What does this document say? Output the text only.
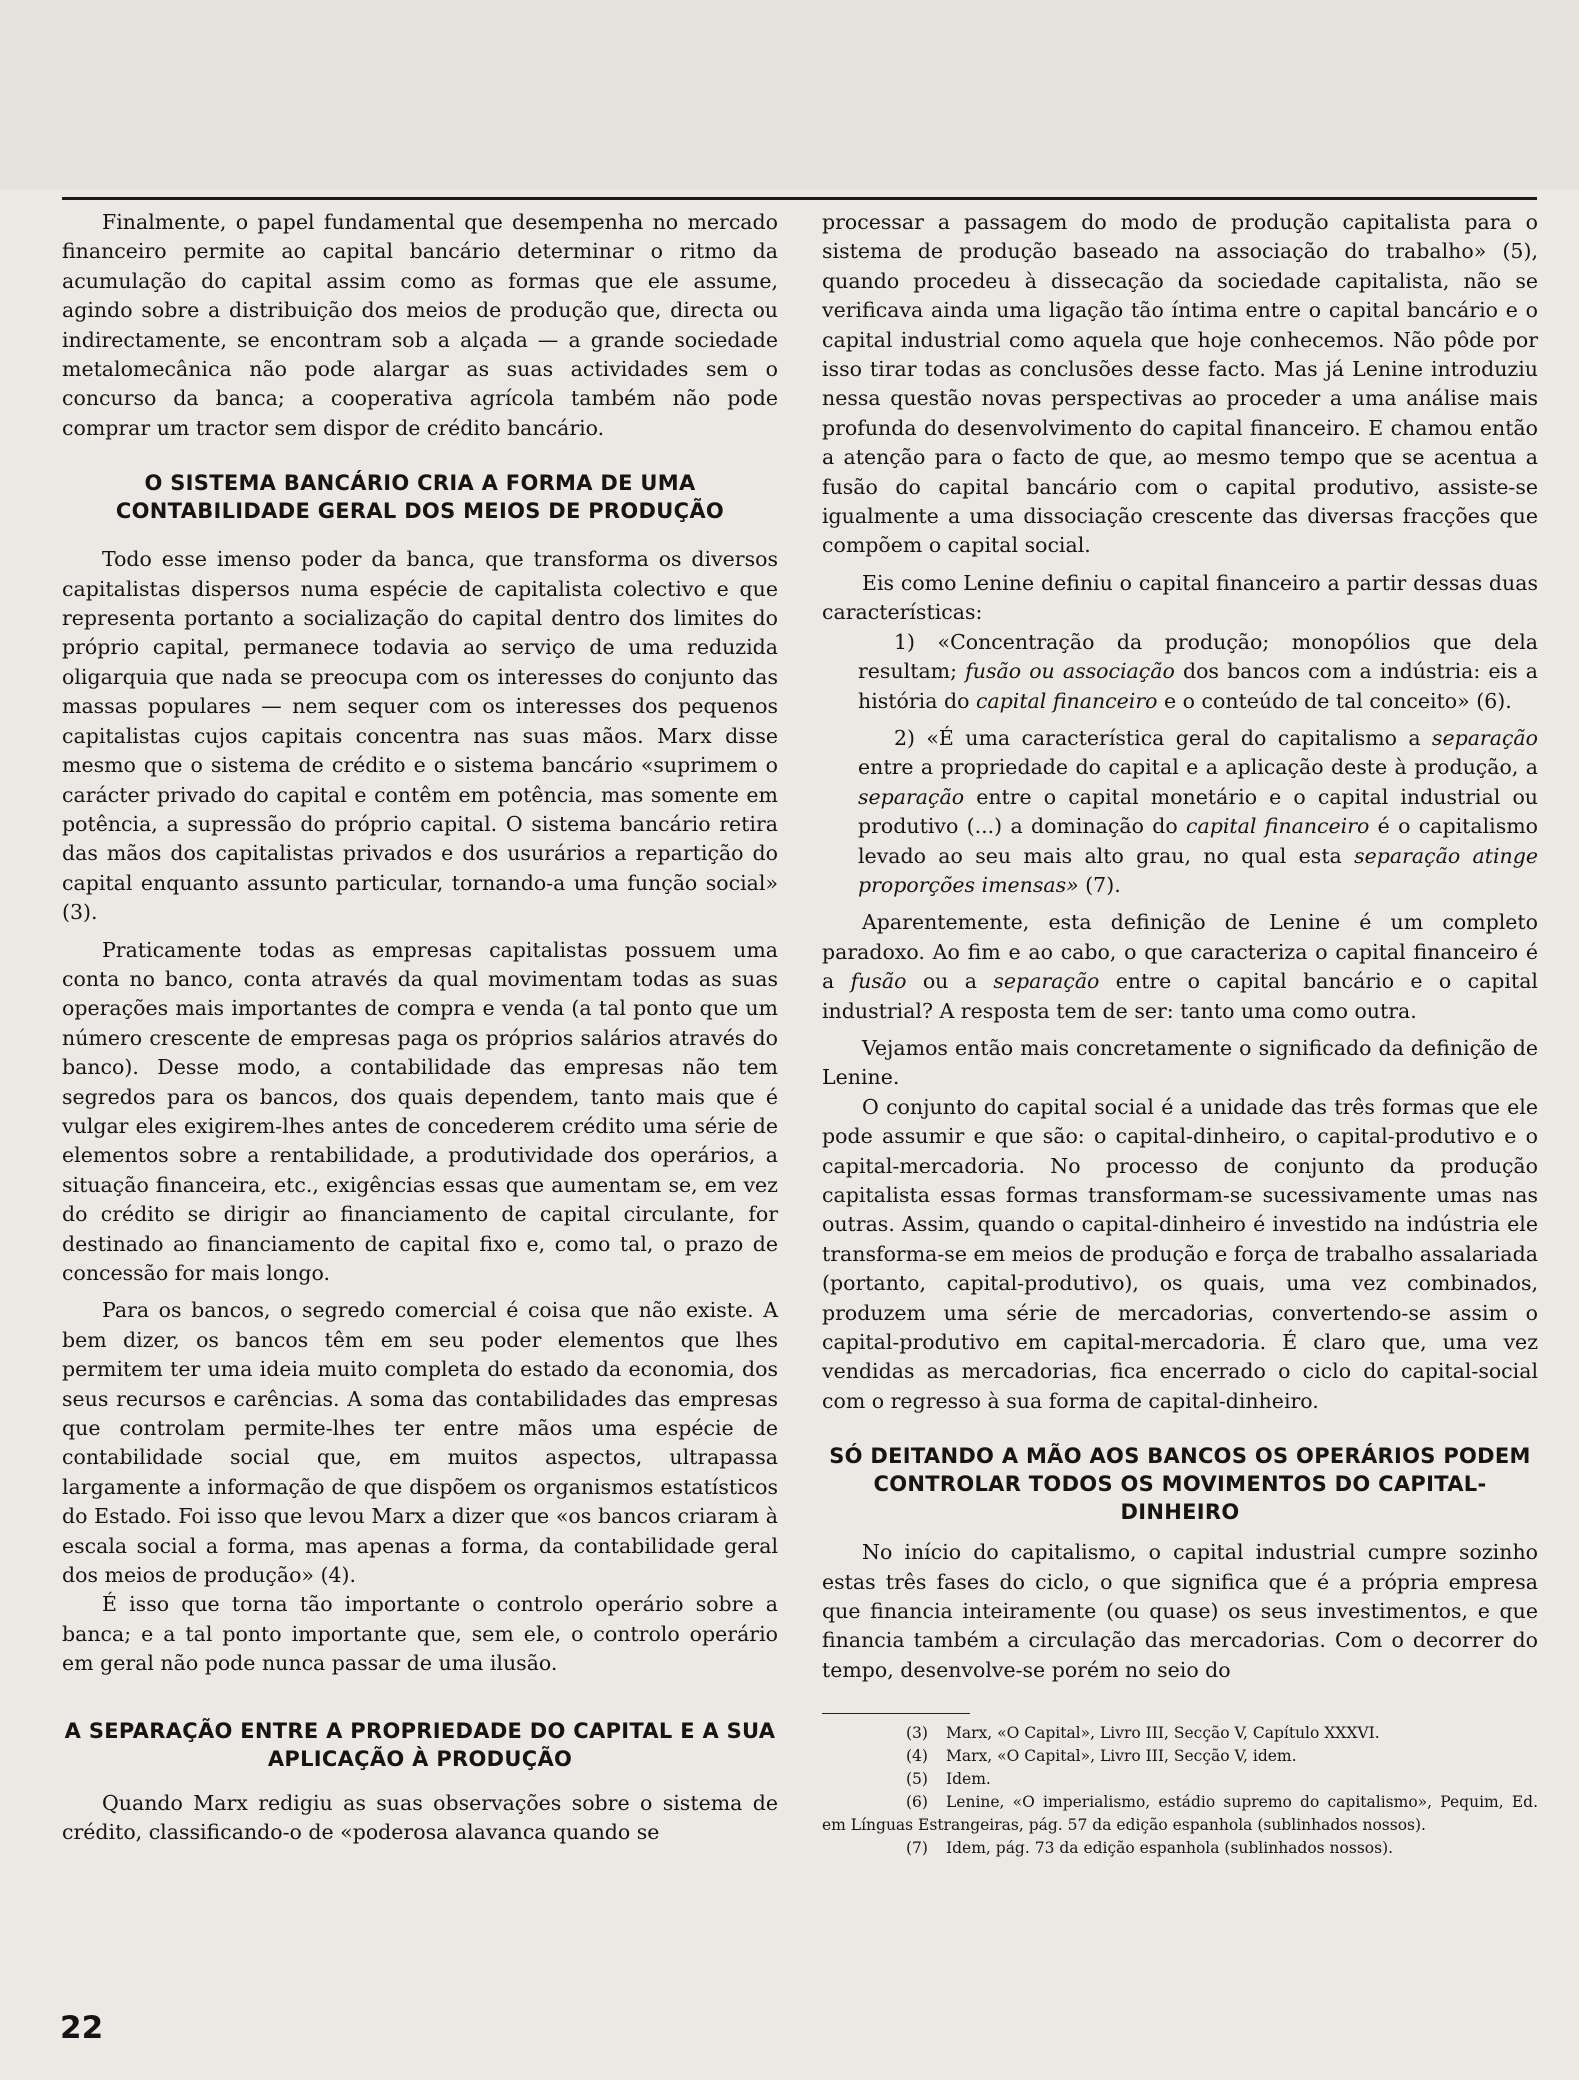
Finalmente, o papel fundamental que desempenha no mercado financeiro permite ao capital bancário determinar o ritmo da acumulação do capital assim como as formas que ele assume, agindo sobre a distribuição dos meios de produção que, directa ou indirectamente, se encontram sob a alçada — a grande sociedade metalomecânica não pode alargar as suas actividades sem o concurso da banca; a cooperativa agrícola também não pode comprar um tractor sem dispor de crédito bancário.

O SISTEMA BANCÁRIO CRIA A FORMA DE UMA CONTABILIDADE GERAL DOS MEIOS DE PRODUÇÃO

Todo esse imenso poder da banca, que transforma os diversos capitalistas dispersos numa espécie de capitalista colectivo e que representa portanto a socialização do capital dentro dos limites do próprio capital, permanece todavia ao serviço de uma reduzida oligarquia que nada se preocupa com os interesses do conjunto das massas populares — nem sequer com os interesses dos pequenos capitalistas cujos capitais concentra nas suas mãos. Marx disse mesmo que o sistema de crédito e o sistema bancário «suprimem o carácter privado do capital e contêm em potência, mas somente em potência, a supressão do próprio capital. O sistema bancário retira das mãos dos capitalistas privados e dos usurários a repartição do capital enquanto assunto particular, tornando-a uma função social» (3).

Praticamente todas as empresas capitalistas possuem uma conta no banco, conta através da qual movimentam todas as suas operações mais importantes de compra e venda (a tal ponto que um número crescente de empresas paga os próprios salários através do banco). Desse modo, a contabilidade das empresas não tem segredos para os bancos, dos quais dependem, tanto mais que é vulgar eles exigirem-lhes antes de concederem crédito uma série de elementos sobre a rentabilidade, a produtividade dos operários, a situação financeira, etc., exigências essas que aumentam se, em vez do crédito se dirigir ao financiamento de capital circulante, for destinado ao financiamento de capital fixo e, como tal, o prazo de concessão for mais longo.

Para os bancos, o segredo comercial é coisa que não existe. A bem dizer, os bancos têm em seu poder elementos que lhes permitem ter uma ideia muito completa do estado da economia, dos seus recursos e carências. A soma das contabilidades das empresas que controlam permite-lhes ter entre mãos uma espécie de contabilidade social que, em muitos aspectos, ultrapassa largamente a informação de que dispõem os organismos estatísticos do Estado. Foi isso que levou Marx a dizer que «os bancos criaram à escala social a forma, mas apenas a forma, da contabilidade geral dos meios de produção» (4).

É isso que torna tão importante o controlo operário sobre a banca; e a tal ponto importante que, sem ele, o controlo operário em geral não pode nunca passar de uma ilusão.

A SEPARAÇÃO ENTRE A PROPRIEDADE DO CAPITAL E A SUA APLICAÇÃO À PRODUÇÃO

Quando Marx redigiu as suas observações sobre o sistema de crédito, classificando-o de «poderosa alavanca quando se

processar a passagem do modo de produção capitalista para o sistema de produção baseado na associação do trabalho» (5), quando procedeu à dissecação da sociedade capitalista, não se verificava ainda uma ligação tão íntima entre o capital bancário e o capital industrial como aquela que hoje conhecemos. Não pôde por isso tirar todas as conclusões desse facto. Mas já Lenine introduziu nessa questão novas perspectivas ao proceder a uma análise mais profunda do desenvolvimento do capital financeiro. E chamou então a atenção para o facto de que, ao mesmo tempo que se acentua a fusão do capital bancário com o capital produtivo, assiste-se igualmente a uma dissociação crescente das diversas fracções que compõem o capital social.

Eis como Lenine definiu o capital financeiro a partir dessas duas características:

1) «Concentração da produção; monopólios que dela resultam; fusão ou associação dos bancos com a indústria: eis a história do capital financeiro e o conteúdo de tal conceito» (6).

2) «É uma característica geral do capitalismo a separação entre a propriedade do capital e a aplicação deste à produção, a separação entre o capital monetário e o capital industrial ou produtivo (...) a dominação do capital financeiro é o capitalismo levado ao seu mais alto grau, no qual esta separação atinge proporções imensas» (7).

Aparentemente, esta definição de Lenine é um completo paradoxo. Ao fim e ao cabo, o que caracteriza o capital financeiro é a fusão ou a separação entre o capital bancário e o capital industrial? A resposta tem de ser: tanto uma como outra.

Vejamos então mais concretamente o significado da definição de Lenine.

O conjunto do capital social é a unidade das três formas que ele pode assumir e que são: o capital-dinheiro, o capital-produtivo e o capital-mercadoria. No processo de conjunto da produção capitalista essas formas transformam-se sucessivamente umas nas outras. Assim, quando o capital-dinheiro é investido na indústria ele transforma-se em meios de produção e força de trabalho assalariada (portanto, capital-produtivo), os quais, uma vez combinados, produzem uma série de mercadorias, convertendo-se assim o capital-produtivo em capital-mercadoria. É claro que, uma vez vendidas as mercadorias, fica encerrado o ciclo do capital-social com o regresso à sua forma de capital-dinheiro.

SÓ DEITANDO A MÃO AOS BANCOS OS OPERÁRIOS PODEM CONTROLAR TODOS OS MOVIMENTOS DO CAPITAL-DINHEIRO

No início do capitalismo, o capital industrial cumpre sozinho estas três fases do ciclo, o que significa que é a própria empresa que financia inteiramente (ou quase) os seus investimentos, e que financia também a circulação das mercadorias. Com o decorrer do tempo, desenvolve-se porém no seio do

(3) Marx, «O Capital», Livro III, Secção V, Capítulo XXXVI.

(4) Marx, «O Capital», Livro III, Secção V, idem.

(5) Idem.

(6) Lenine, «O imperialismo, estádio supremo do capitalismo», Pequim, Ed. em Línguas Estrangeiras, pág. 57 da edição espanhola (sublinhados nossos).

(7) Idem, pág. 73 da edição espanhola (sublinhados nossos).

22
